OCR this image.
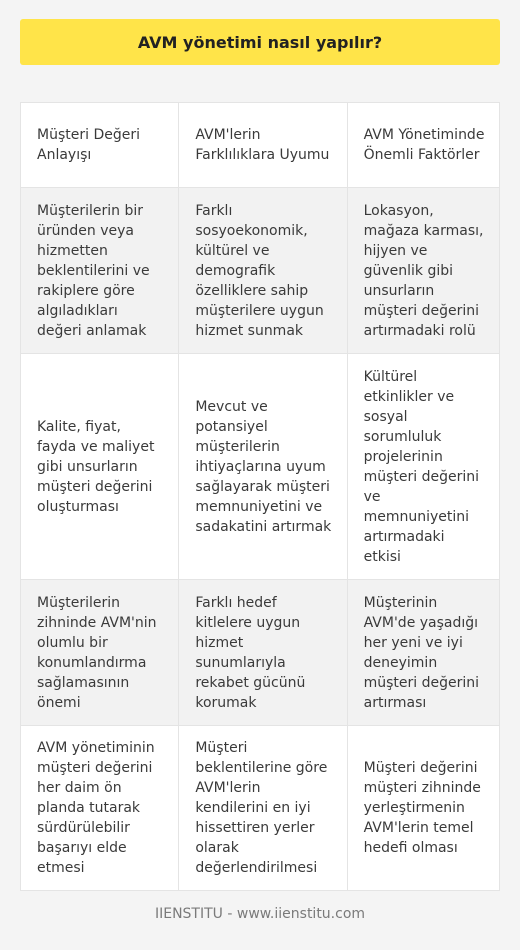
AVM yönetimi nasıl yapılır?
Müşteri Değeri Anlayışı
AVM'lerin Farklılıklara Uyumu
AVM Yönetiminde Önemli Faktörler
Müşterilerin bir üründen veya hizmetten beklentilerini ve rakiplere göre algıladıkları değeri anlamak
Farklı sosyoekonomik, kültürel ve demografik özelliklere sahip müşterilere uygun hizmet sunmak
Lokasyon, mağaza karması, hijyen ve güvenlik gibi unsurların müşteri değerini artırmadaki rolü
Kalite, fiyat, fayda ve maliyet gibi unsurların müşteri değerini oluşturması
Mevcut ve potansiyel müşterilerin ihtiyaçlarına uyum sağlayarak müşteri memnuniyetini ve sadakatini artırmak
Kültürel etkinlikler ve sosyal sorumluluk projelerinin müşteri değerini ve memnuniyetini artırmadaki etkisi
Müşterilerin zihninde AVM'nin olumlu bir konumlandırma sağlamasının önemi
Farklı hedef kitlelere uygun hizmet sunumlarıyla rekabet gücünü korumak
Müşterinin AVM'de yaşadığı her yeni ve iyi deneyimin müşteri değerini artırması
AVM yönetiminin müşteri değerini her daim ön planda tutarak sürdürülebilir başarıyı elde etmesi
Müşteri beklentilerine göre AVM'lerin kendilerini en iyi hissettiren yerler olarak değerlendirilmesi
Müşteri değerini müşteri zihninde yerleştirmenin AVM'lerin temel hedefi olması
IIENSTITU - www.iienstitu.com
